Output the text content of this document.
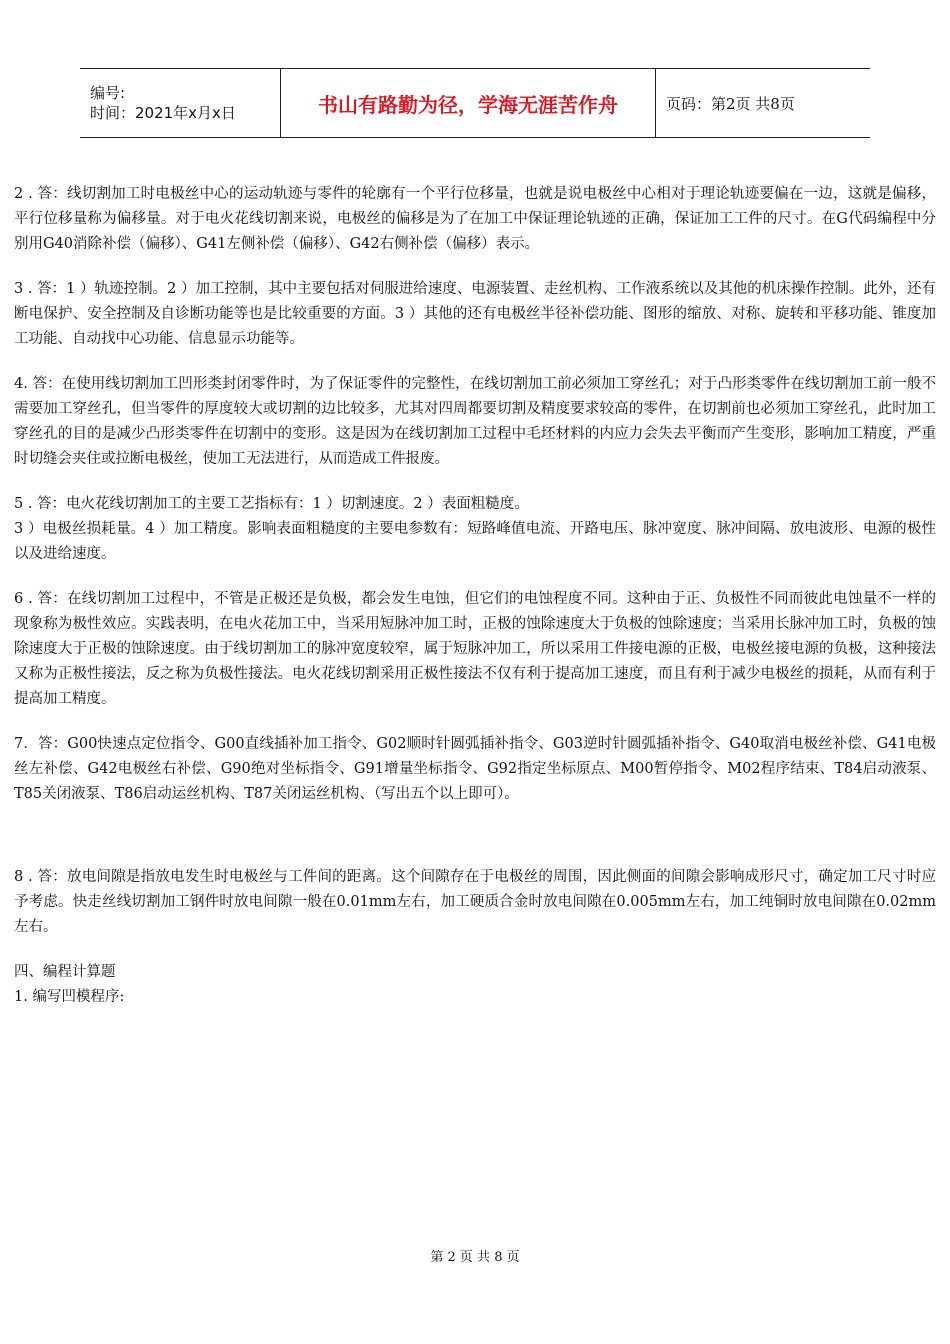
编号:
时间：2021年x月x日	书山有路勤为径，学海无涯苦作舟	页码：第2页 共8页

2 . 答：线切割加工时电极丝中心的运动轨迹与零件的轮廓有一个平行位移量，也就是说电极丝中心相对于理论轨迹要偏在一边，这就是偏移，平行位移量称为偏移量。对于电火花线切割来说，电极丝的偏移是为了在加工中保证理论轨迹的正确，保证加工工件的尺寸。在G代码编程中分别用G40消除补偿（偏移）、G41左侧补偿（偏移）、G42右侧补偿（偏移）表示。

3 . 答：1 ）轨迹控制。2 ）加工控制，其中主要包括对伺服进给速度、电源装置、走丝机构、工作液系统以及其他的机床操作控制。此外，还有断电保护、安全控制及自诊断功能等也是比较重要的方面。3 ）其他的还有电极丝半径补偿功能、图形的缩放、对称、旋转和平移功能、锥度加工功能、自动找中心功能、信息显示功能等。

4. 答：在使用线切割加工凹形类封闭零件时，为了保证零件的完整性，在线切割加工前必须加工穿丝孔；对于凸形类零件在线切割加工前一般不需要加工穿丝孔，但当零件的厚度较大或切割的边比较多，尤其对四周都要切割及精度要求较高的零件，在切割前也必须加工穿丝孔，此时加工穿丝孔的目的是减少凸形类零件在切割中的变形。这是因为在线切割加工过程中毛坯材料的内应力会失去平衡而产生变形，影响加工精度，严重时切缝会夹住或拉断电极丝，使加工无法进行，从而造成工件报废。

5 . 答：电火花线切割加工的主要工艺指标有：1 ）切割速度。2 ）表面粗糙度。
3 ）电极丝损耗量。4 ）加工精度。影响表面粗糙度的主要电参数有：短路峰值电流、开路电压、脉冲宽度、脉冲间隔、放电波形、电源的极性以及进给速度。

6 . 答：在线切割加工过程中，不管是正极还是负极，都会发生电蚀，但它们的电蚀程度不同。这种由于正、负极性不同而彼此电蚀量不一样的现象称为极性效应。实践表明，在电火花加工中，当采用短脉冲加工时，正极的蚀除速度大于负极的蚀除速度；当采用长脉冲加工时，负极的蚀除速度大于正极的蚀除速度。由于线切割加工的脉冲宽度较窄，属于短脉冲加工，所以采用工件接电源的正极，电极丝接电源的负极，这种接法又称为正极性接法，反之称为负极性接法。电火花线切割采用正极性接法不仅有利于提高加工速度，而且有利于减少电极丝的损耗，从而有利于提高加工精度。

7．答：G00快速点定位指令、G00直线插补加工指令、G02顺时针圆弧插补指令、G03逆时针圆弧插补指令、G40取消电极丝补偿、G41电极丝左补偿、G42电极丝右补偿、G90绝对坐标指令、G91增量坐标指令、G92指定坐标原点、M00暂停指令、M02程序结束、T84启动液泵、T85关闭液泵、T86启动运丝机构、T87关闭运丝机构、（写出五个以上即可）。

8 . 答：放电间隙是指放电发生时电极丝与工件间的距离。这个间隙存在于电极丝的周围，因此侧面的间隙会影响成形尺寸，确定加工尺寸时应予考虑。快走丝线切割加工钢件时放电间隙一般在0.01mm左右，加工硬质合金时放电间隙在0.005mm左右，加工纯铜时放电间隙在0.02mm左右。

四、编程计算题

1. 编写凹模程序:

第 2 页 共 8 页
